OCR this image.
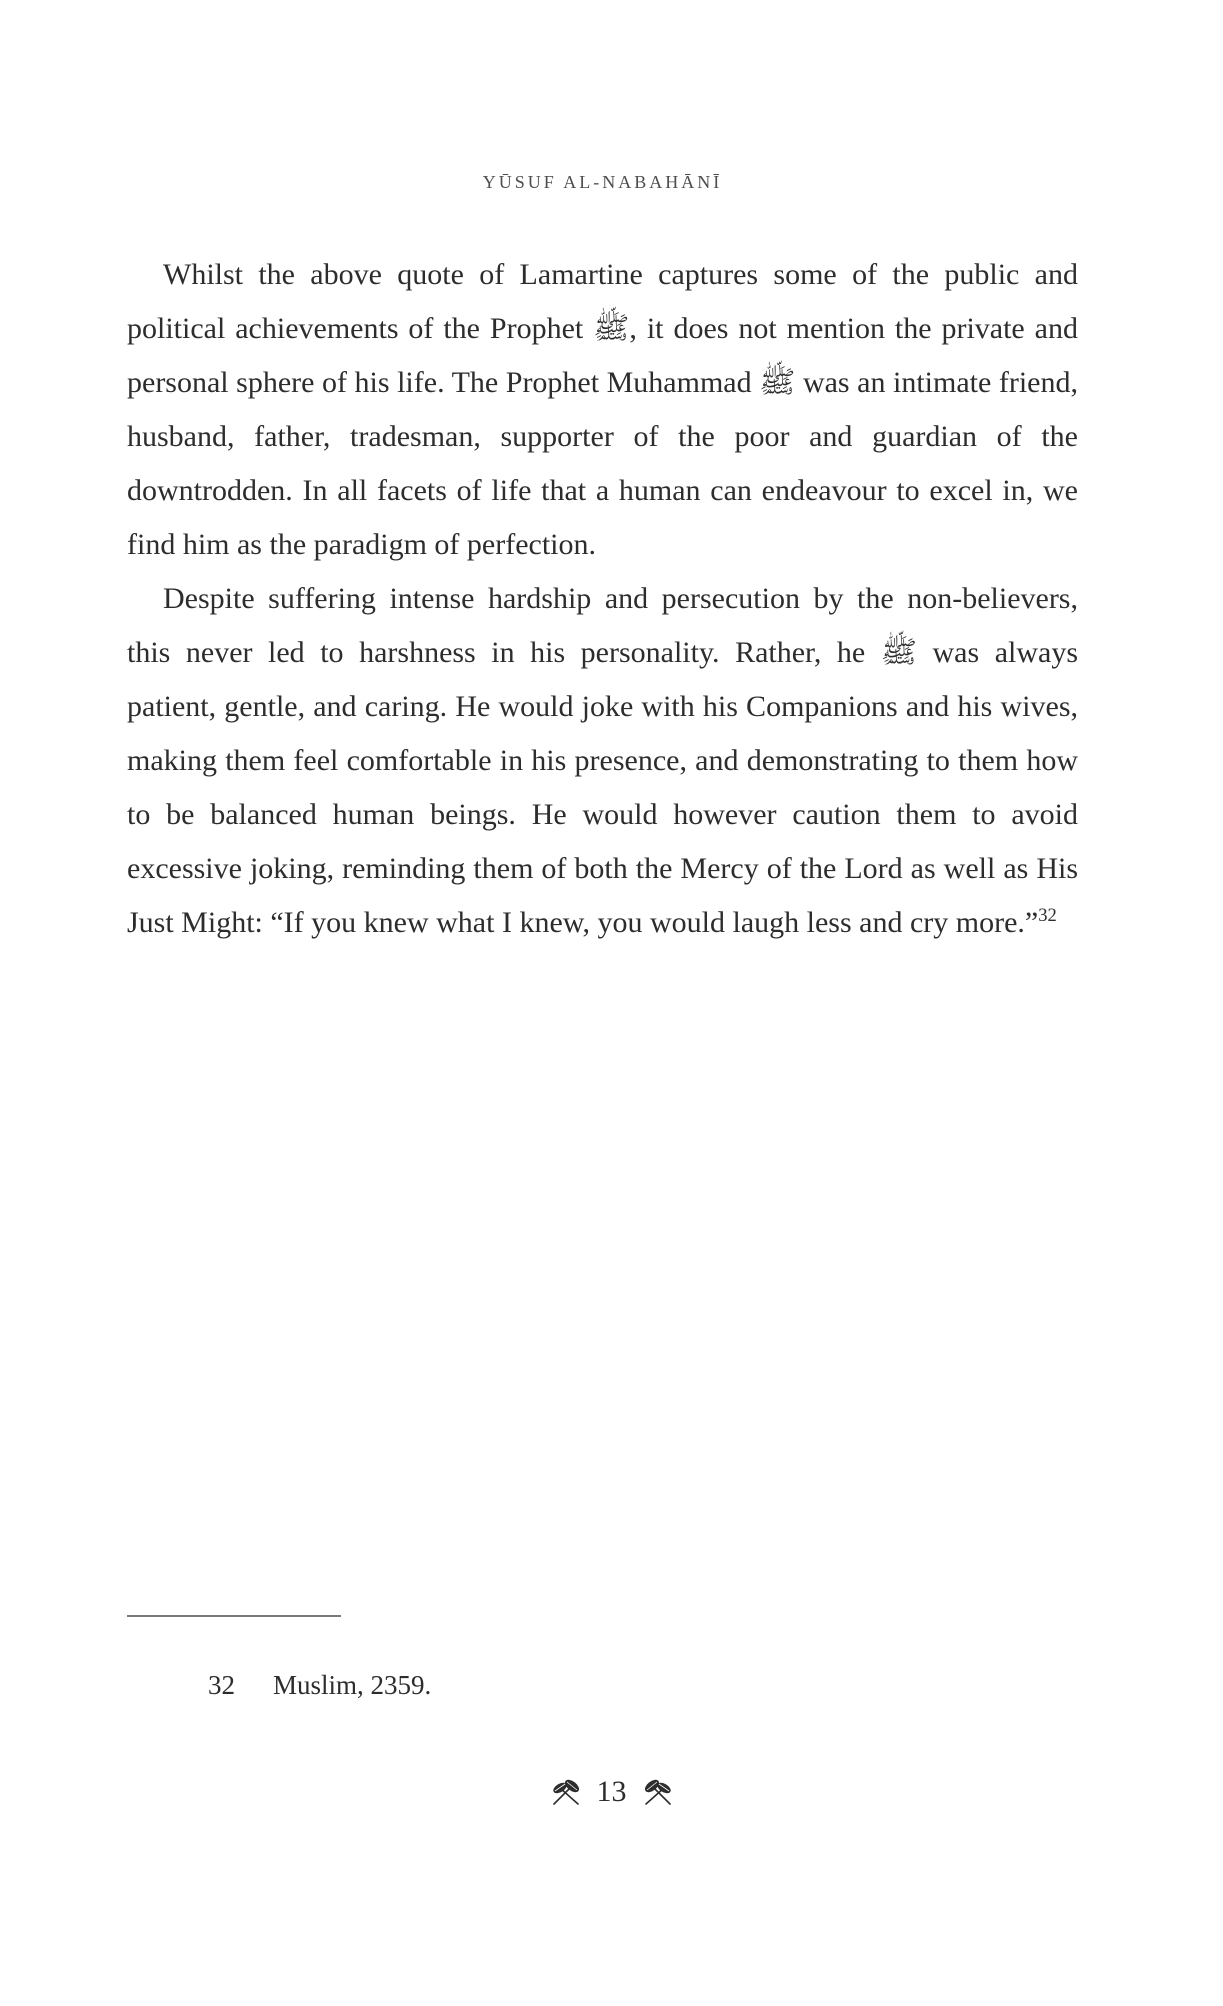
YŪSUF AL-NABAHĀNĪ

Whilst the above quote of Lamartine captures some of the public and political achievements of the Prophet ﷺ, it does not mention the private and personal sphere of his life. The Prophet Muhammad ﷺ was an intimate friend, husband, father, tradesman, supporter of the poor and guardian of the downtrodden. In all facets of life that a human can endeavour to excel in, we find him as the paradigm of perfection.

Despite suffering intense hardship and persecution by the non-believers, this never led to harshness in his personality. Rather, he ﷺ was always patient, gentle, and caring. He would joke with his Companions and his wives, making them feel comfortable in his presence, and demonstrating to them how to be balanced human beings. He would however caution them to avoid excessive joking, reminding them of both the Mercy of the Lord as well as His Just Might: “If you knew what I knew, you would laugh less and cry more.”$^{32}$

32 Muslim, 2359.
13
